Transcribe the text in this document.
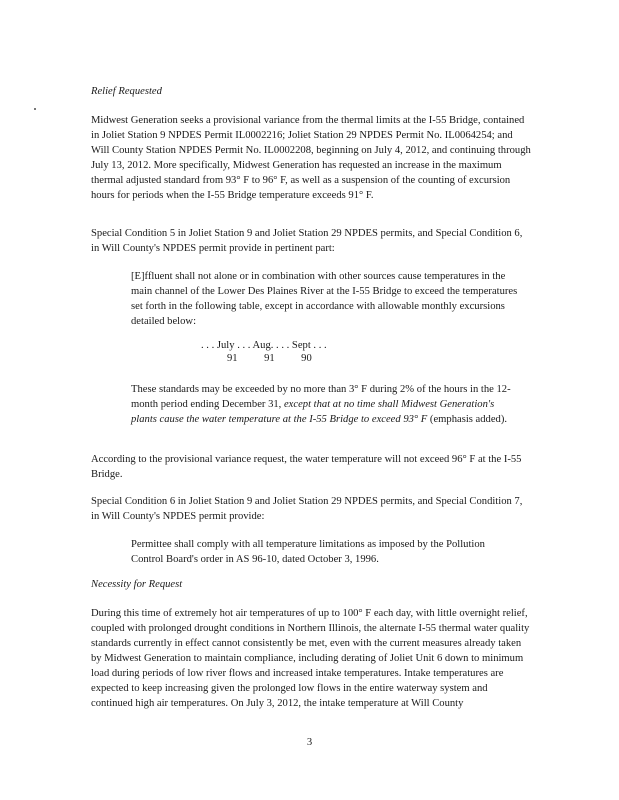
Relief Requested

Midwest Generation seeks a provisional variance from the thermal limits at the I-55 Bridge, contained in Joliet Station 9 NPDES Permit IL0002216; Joliet Station 29 NPDES Permit No. IL0064254; and Will County Station NPDES Permit No. IL0002208, beginning on July 4, 2012, and continuing through July 13, 2012. More specifically, Midwest Generation has requested an increase in the maximum thermal adjusted standard from 93° F to 96° F, as well as a suspension of the counting of excursion hours for periods when the I-55 Bridge temperature exceeds 91° F.

Special Condition 5 in Joliet Station 9 and Joliet Station 29 NPDES permits, and Special Condition 6, in Will County's NPDES permit provide in pertinent part:

[E]ffluent shall not alone or in combination with other sources cause temperatures in the main channel of the Lower Des Plaines River at the I-55 Bridge to exceed the temperatures set forth in the following table, except in accordance with allowable monthly excursions detailed below:

. . . July . . . Aug. . . . Sept . . .
91          91          90

These standards may be exceeded by no more than 3° F during 2% of the hours in the 12-month period ending December 31, except that at no time shall Midwest Generation's plants cause the water temperature at the I-55 Bridge to exceed 93° F (emphasis added).

According to the provisional variance request, the water temperature will not exceed 96° F at the I-55 Bridge.

Special Condition 6 in Joliet Station 9 and Joliet Station 29 NPDES permits, and Special Condition 7, in Will County's NPDES permit provide:

Permittee shall comply with all temperature limitations as imposed by the Pollution Control Board's order in AS 96-10, dated October 3, 1996.

Necessity for Request

During this time of extremely hot air temperatures of up to 100° F each day, with little overnight relief, coupled with prolonged drought conditions in Northern Illinois, the alternate I-55 thermal water quality standards currently in effect cannot consistently be met, even with the current measures already taken by Midwest Generation to maintain compliance, including derating of Joliet Unit 6 down to minimum load during periods of low river flows and increased intake temperatures. Intake temperatures are expected to keep increasing given the prolonged low flows in the entire waterway system and continued high air temperatures. On July 3, 2012, the intake temperature at Will County

3
